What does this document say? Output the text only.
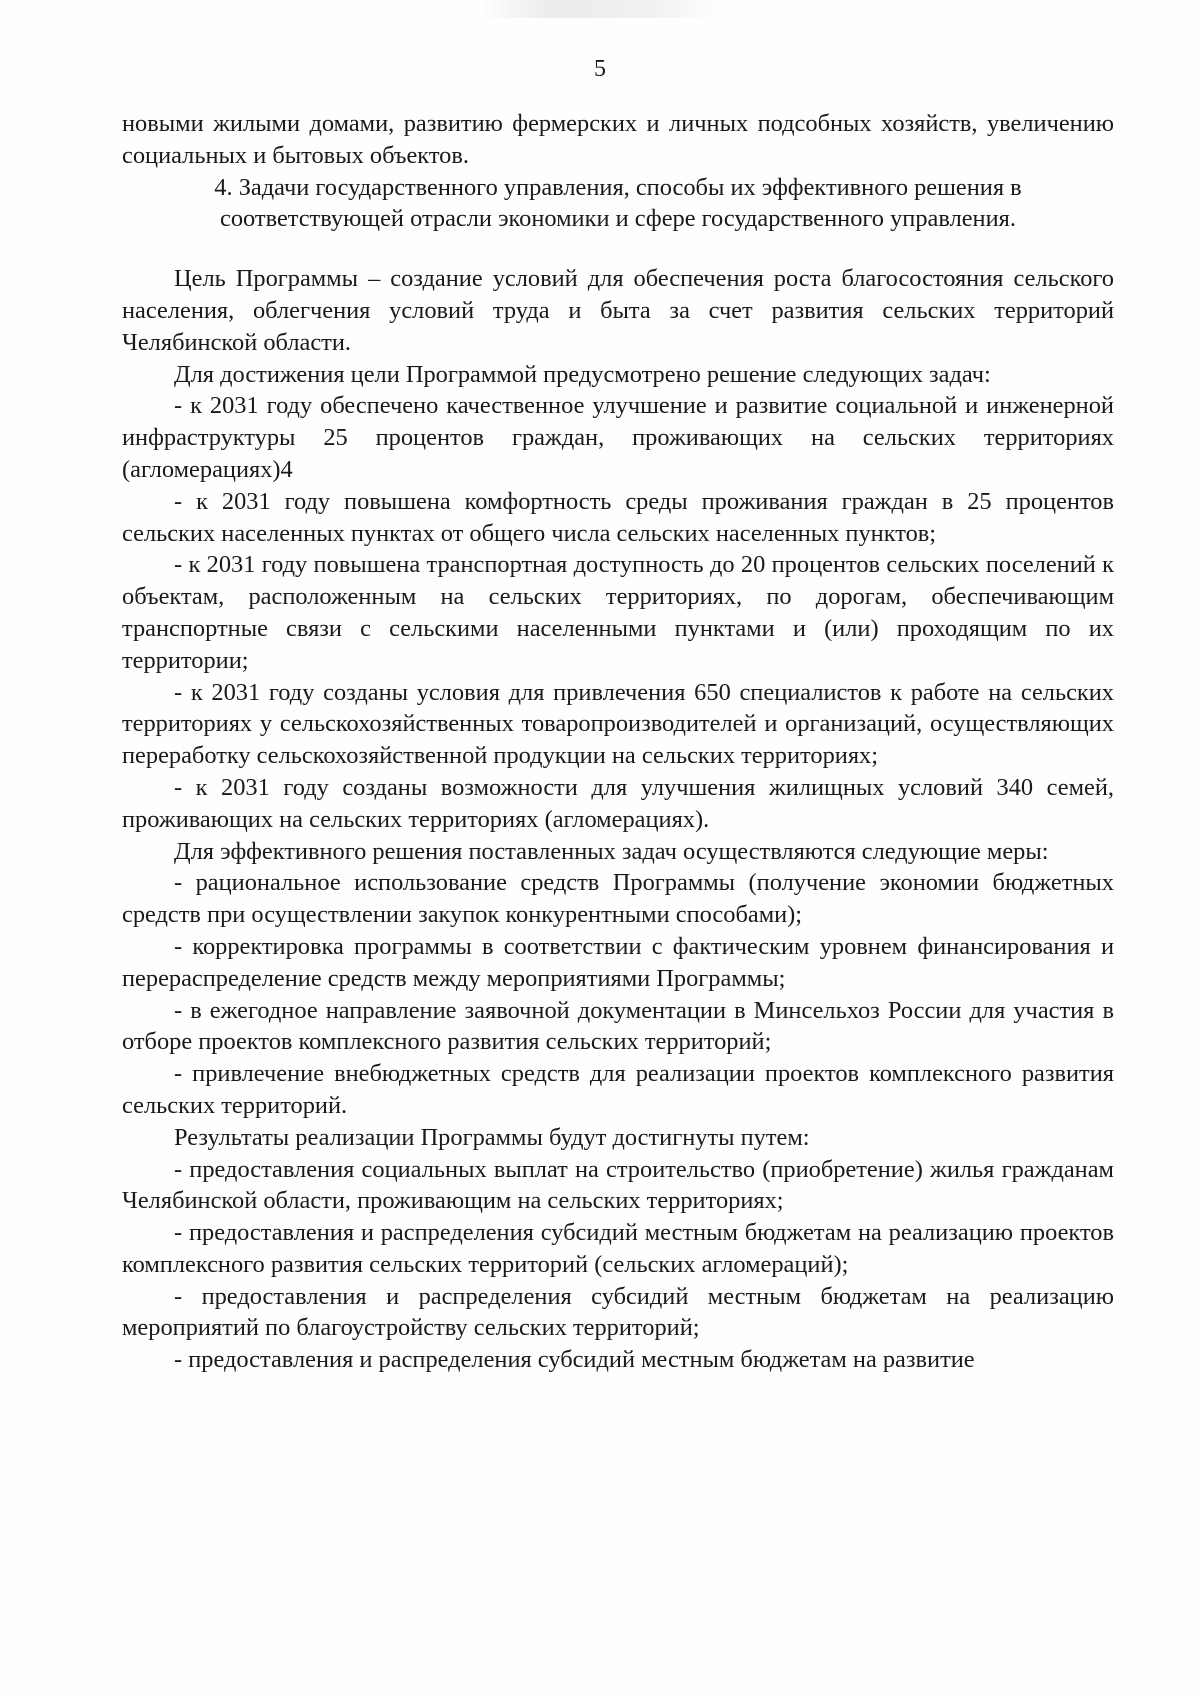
5

новыми жилыми домами, развитию фермерских и личных подсобных хозяйств, увеличению социальных и бытовых объектов.

4. Задачи государственного управления, способы их эффективного решения в соответствующей отрасли экономики и сфере государственного управления.

Цель Программы – создание условий для обеспечения роста благосостояния сельского населения, облегчения условий труда и быта за счет развития сельских территорий Челябинской области.

Для достижения цели Программой предусмотрено решение следующих задач:

- к 2031 году обеспечено качественное улучшение и развитие социальной и инженерной инфраструктуры 25 процентов граждан, проживающих на сельских территориях (агломерациях)4

- к 2031 году повышена комфортность среды проживания граждан в 25 процентов сельских населенных пунктах от общего числа сельских населенных пунктов;

- к 2031 году повышена транспортная доступность до 20 процентов сельских поселений к объектам, расположенным на сельских территориях, по дорогам, обеспечивающим транспортные связи с сельскими населенными пунктами и (или) проходящим по их территории;

- к 2031 году созданы условия для привлечения 650 специалистов к работе на сельских территориях у сельскохозяйственных товаропроизводителей и организаций, осуществляющих переработку сельскохозяйственной продукции на сельских территориях;

- к 2031 году созданы возможности для улучшения жилищных условий 340 семей, проживающих на сельских территориях (агломерациях).

Для эффективного решения поставленных задач осуществляются следующие меры:

- рациональное использование средств Программы (получение экономии бюджетных средств при осуществлении закупок конкурентными способами);

- корректировка программы в соответствии с фактическим уровнем финансирования и перераспределение средств между мероприятиями Программы;

- в ежегодное направление заявочной документации в Минсельхоз России для участия в отборе проектов комплексного развития сельских территорий;

- привлечение внебюджетных средств для реализации проектов комплексного развития сельских территорий.

Результаты реализации Программы будут достигнуты путем:

- предоставления социальных выплат на строительство (приобретение) жилья гражданам Челябинской области, проживающим на сельских территориях;

- предоставления и распределения субсидий местным бюджетам на реализацию проектов комплексного развития сельских территорий (сельских агломераций);

- предоставления и распределения субсидий местным бюджетам на реализацию мероприятий по благоустройству сельских территорий;

- предоставления и распределения субсидий местным бюджетам на развитие
